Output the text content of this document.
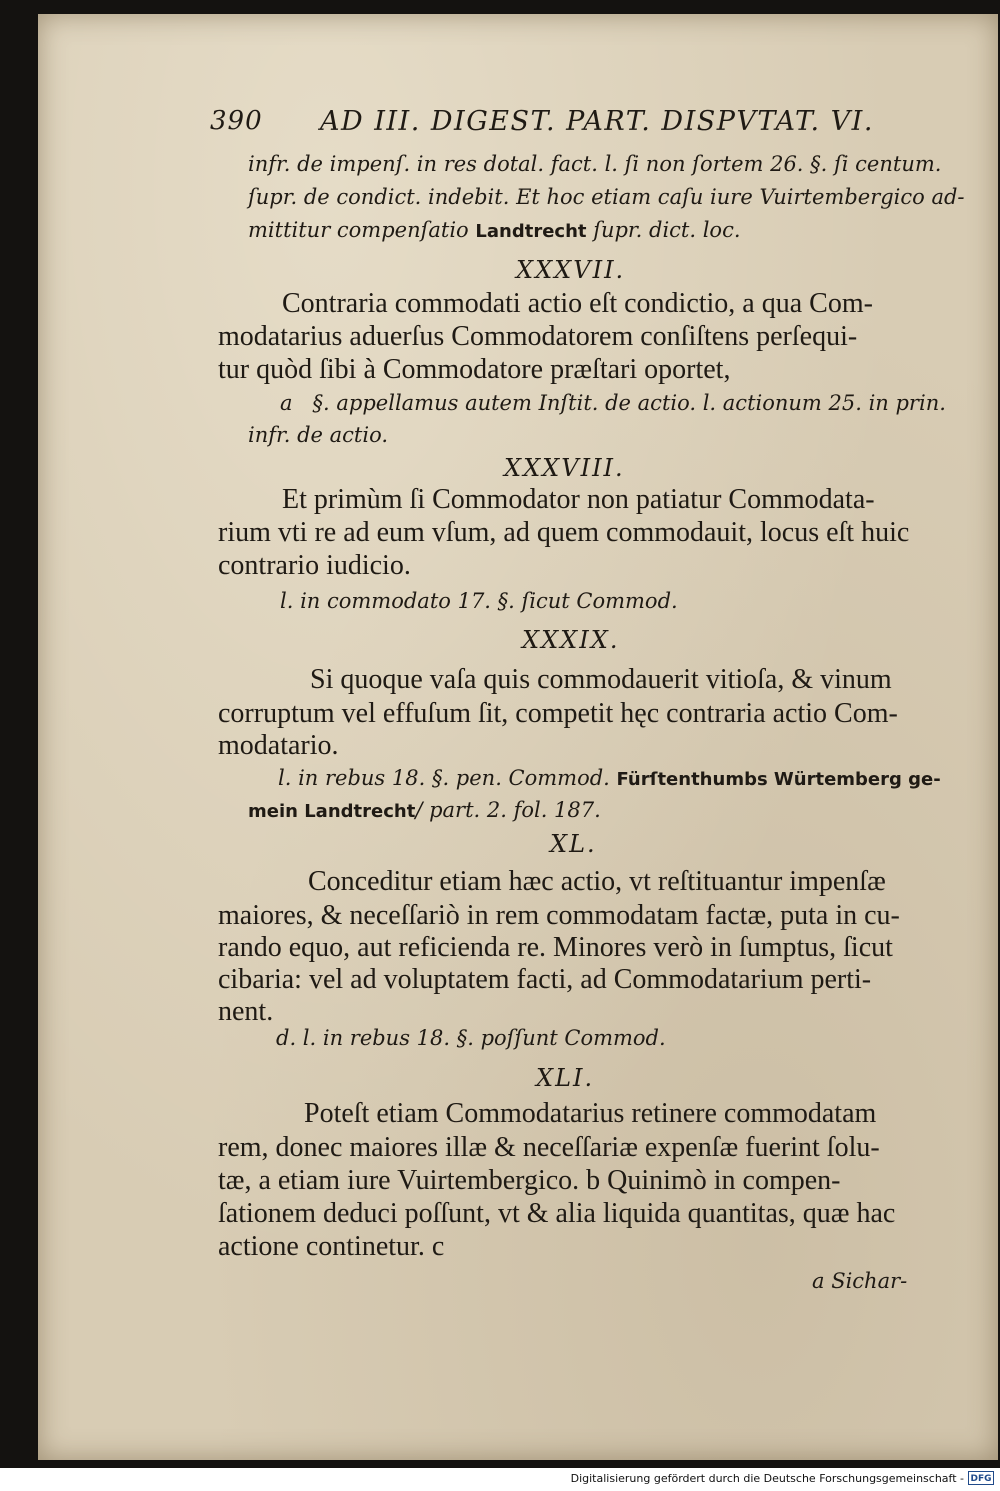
390 AD III. DIGEST. PART. DISPVTAT. VI.
infr. de impenſ. in res dotal. fact. l. ſi non ſortem 26. §. ſi centum.
ſupr. de condict. indebit. Et hoc etiam caſu iure Vuirtembergico ad-
mittitur compenſatio Landtrecht ſupr. dict. loc.
XXXVII.
Contraria commodati actio eſt condictio, a qua Com-
modatarius aduerſus Commodatorem conſiſtens perſequi-
tur quòd ſibi à Commodatore præſtari oportet,
a   §. appellamus autem Inſtit. de actio. l. actionum 25. in prin.
infr. de actio.
XXXVIII.
Et primùm ſi Commodator non patiatur Commodata-
rium vti re ad eum vſum, ad quem commodauit, locus eſt huic
contrario iudicio.
l. in commodato 17. §. ſicut Commod.
XXXIX.
Si quoque vaſa quis commodauerit vitioſa, & vinum
corruptum vel effuſum ſit, competit hęc contraria actio Com-
modatario.
l. in rebus 18. §. pen. Commod. Fürſtenthumbs Würtemberg ge-
mein Landtrecht/ part. 2. fol. 187.
XL.
Conceditur etiam hæc actio, vt reſtituantur impenſæ
maiores, & neceſſariò in rem commodatam factæ, puta in cu-
rando equo, aut reficienda re. Minores verò in ſumptus, ſicut
cibaria: vel ad voluptatem facti, ad Commodatarium perti-
nent.
d. l. in rebus 18. §. poſſunt Commod.
XLI.
Poteſt etiam Commodatarius retinere commodatam
rem, donec maiores illæ & neceſſariæ expenſæ fuerint ſolu-
tæ, a etiam iure Vuirtembergico. b Quinimò in compen-
ſationem deduci poſſunt, vt & alia liquida quantitas, quæ hac
actione continetur. c
a Sichar-
Digitalisierung gefördert durch die Deutsche Forschungsgemeinschaft - DFG
